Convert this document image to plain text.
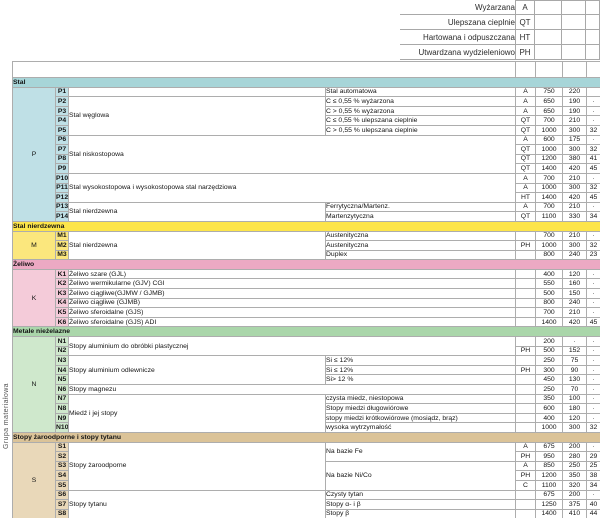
Grupa materiałowa
Wyżarzana	A			
Ulepszana cieplnie	QT			
Hartowana i odpuszczana	HT			
Utwardzana wydzieleniowo	PH			

Stal							
P	P1		Stal automatowa	A	750	220	
	P2	Stal węglowa	C ≤ 0,55 % wyżarzona	A	650	190	·
	P3		C > 0,55 % wyżarzona	A	650	190	·
	P4		C ≤ 0,55 % ulepszana cieplnie	QT	700	210	·
	P5		C > 0,55 % ulepszana cieplnie	QT	1000	300	32
	P6	Stal niskostopowa		A	600	175	·
	P7			QT	1000	300	32
	P8			QT	1200	380	41
	P9			QT	1400	420	45
	P10	Stal wysokostopowa i wysokostopowa stal narzędziowa		A	700	210	·
	P11			A	1000	300	32
	P12			HT	1400	420	45
	P13	Stal nierdzewna	Ferrytyczna/Martenz.	A	700	210	·
	P14		Martenzytyczna	QT	1100	330	34
Stal nierdzewna							
M	M1	Stal nierdzewna	Austenityczna		700	210	·
	M2		Austenityczna	PH	1000	300	32
	M3		Duplex		800	240	23
Żeliwo							
K	K1	Żeliwo szare (GJL)			400	120	·
	K2	Żeliwo wermikularne (GJV) CGI			550	160	·
	K3	Żeliwo ciągliwe(GJMW / GJMB)			500	150	·
	K4	Żeliwo ciągliwe (GJMB)			800	240	·
	K5	Żeliwo sferoidalne (GJS)			700	210	·
	K6	Żeliwo sferoidalne (GJS) ADI			1400	420	45
Metale nieżelazne							
N	N1	Stopy aluminium do obróbki plastycznej			200	·	·
	N2			PH	500	152	·
	N3	Stopy aluminium odlewnicze	Si ≤ 12%		250	75	·
	N4		Si ≤ 12%	PH	300	90	·
	N5		Si> 12 %		450	130	·
	N6	Stopy magnezu			250	70	·
	N7	Miedź i jej stopy	czysta miedz, niestopowa		350	100	·
	N8		Stopy miedzi długowiórowe		600	180	·
	N9		stopy miedzi krótkowiórowe (mosiądz, brąz)		400	120	·
	N10		wysoka wytrzymałość		1000	300	32
Stopy żaroodporne i stopy tytanu							
S	S1	Stopy żaroodporne	Na bazie Fe	A	675	200	·
	S2			PH	950	280	29
	S3		Na bazie Ni/Co	A	850	250	25
	S4			PH	1200	350	38
	S5			C	1100	320	34
	S6	Stopy tytanu	Czysty tytan		675	200	·
	S7		Stopy α- i β		1250	375	40
	S8		Stopy β		1400	410	44
